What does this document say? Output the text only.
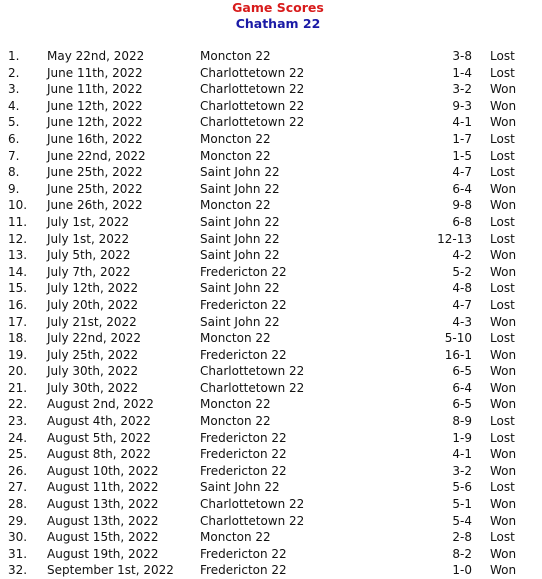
Game Scores
Chatham 22
1. May 22nd, 2022	Moncton 22	3-8 Lost
2. June 11th, 2022	Charlottetown 22	1-4 Lost
3. June 11th, 2022	Charlottetown 22	3-2 Won
4. June 12th, 2022	Charlottetown 22	9-3 Won
5. June 12th, 2022	Charlottetown 22	4-1 Won
6. June 16th, 2022	Moncton 22	1-7 Lost
7. June 22nd, 2022	Moncton 22	1-5 Lost
8. June 25th, 2022	Saint John 22	4-7 Lost
9. June 25th, 2022	Saint John 22	6-4 Won
10. June 26th, 2022	Moncton 22	9-8 Won
11. July 1st, 2022	Saint John 22	6-8 Lost
12. July 1st, 2022	Saint John 22	12-13 Lost
13. July 5th, 2022	Saint John 22	4-2 Won
14. July 7th, 2022	Fredericton 22	5-2 Won
15. July 12th, 2022	Saint John 22	4-8 Lost
16. July 20th, 2022	Fredericton 22	4-7 Lost
17. July 21st, 2022	Saint John 22	4-3 Won
18. July 22nd, 2022	Moncton 22	5-10 Lost
19. July 25th, 2022	Fredericton 22	16-1 Won
20. July 30th, 2022	Charlottetown 22	6-5 Won
21. July 30th, 2022	Charlottetown 22	6-4 Won
22. August 2nd, 2022	Moncton 22	6-5 Won
23. August 4th, 2022	Moncton 22	8-9 Lost
24. August 5th, 2022	Fredericton 22	1-9 Lost
25. August 8th, 2022	Fredericton 22	4-1 Won
26. August 10th, 2022	Fredericton 22	3-2 Won
27. August 11th, 2022	Saint John 22	5-6 Lost
28. August 13th, 2022	Charlottetown 22	5-1 Won
29. August 13th, 2022	Charlottetown 22	5-4 Won
30. August 15th, 2022	Moncton 22	2-8 Lost
31. August 19th, 2022	Fredericton 22	8-2 Won
32. September 1st, 2022 Fredericton 22	1-0 Won
